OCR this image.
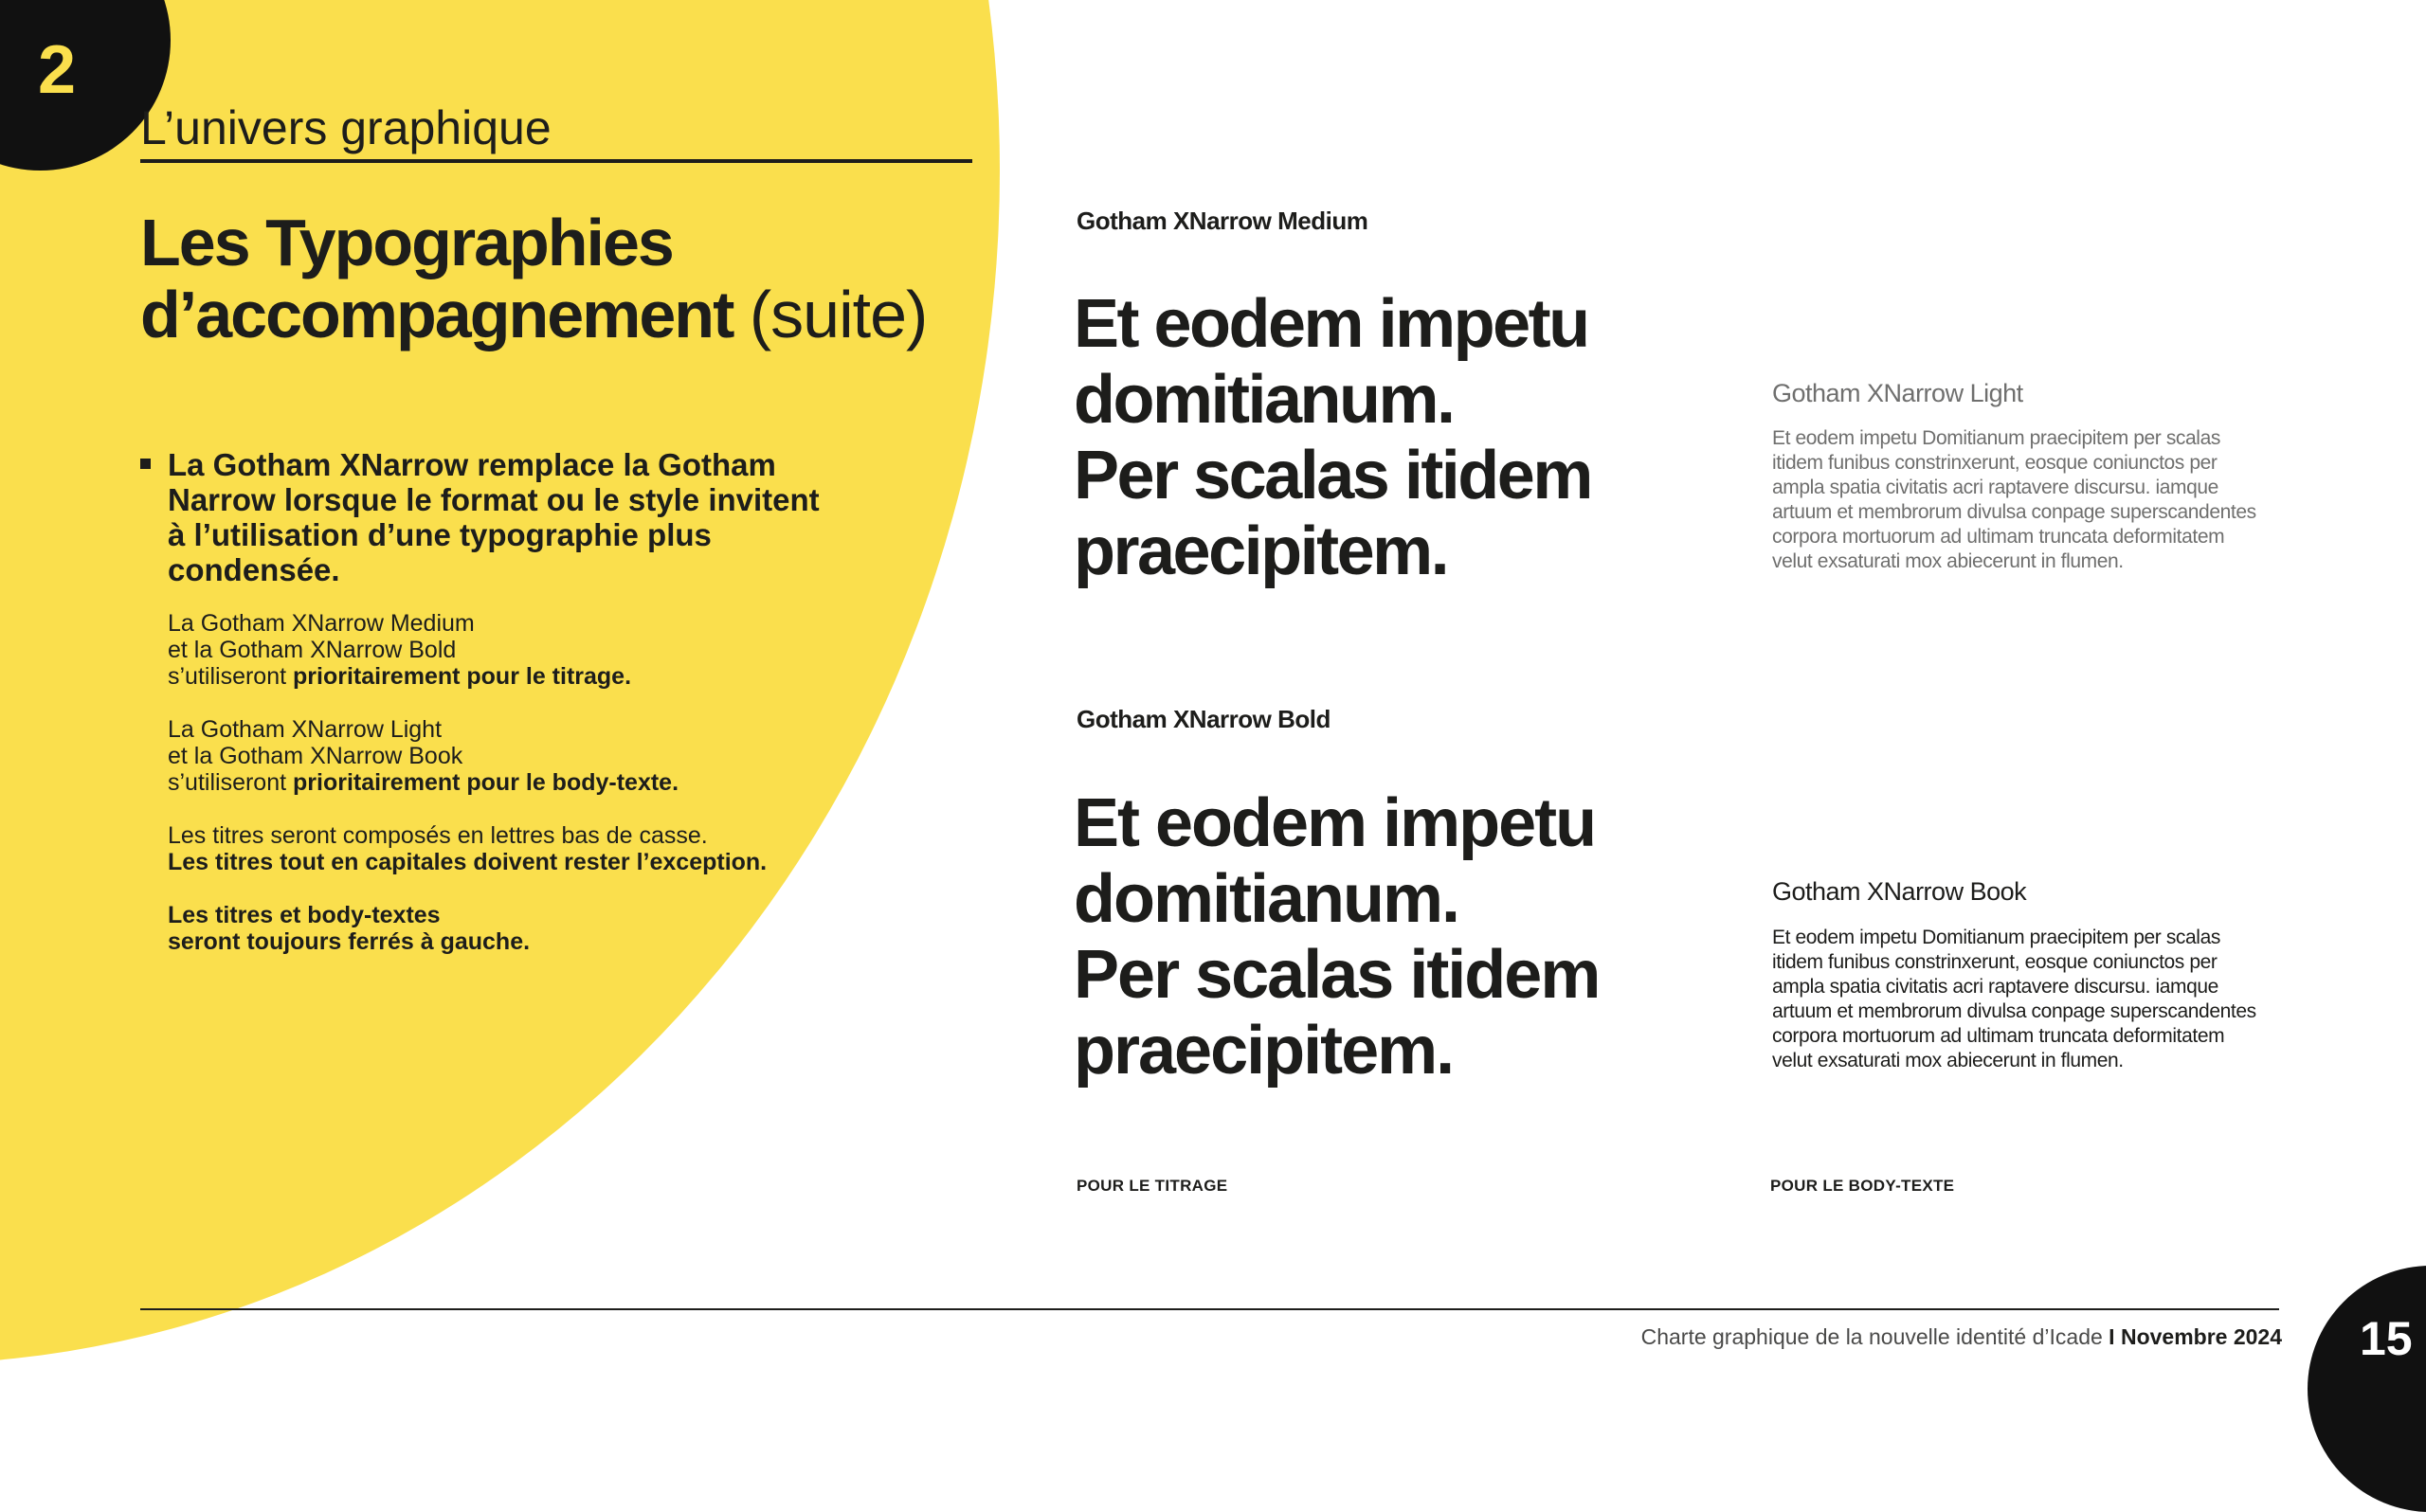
2
L’univers graphique
Les Typographies
d’accompagnement (suite)
La Gotham XNarrow remplace la Gotham Narrow lorsque le format ou le style invitent à l’utilisation d’une typographie plus condensée.

La Gotham XNarrow Medium
et la Gotham XNarrow Bold
s’utiliseront prioritairement pour le titrage.

La Gotham XNarrow Light
et la Gotham XNarrow Book
s’utiliseront prioritairement pour le body-texte.

Les titres seront composés en lettres bas de casse.
Les titres tout en capitales doivent rester l’exception.

Les titres et body-textes
seront toujours ferrés à gauche.

Gotham XNarrow Medium
Et eodem impetu
domitianum.
Per scalas itidem
praecipitem.
Gotham XNarrow Bold
Et eodem impetu
domitianum.
Per scalas itidem
praecipitem.
Gotham XNarrow Light
Et eodem impetu Domitianum praecipitem per scalas itidem funibus constrinxerunt, eosque coniunctos per ampla spatia civitatis acri raptavere discursu. iamque artuum et membrorum divulsa conpage superscandentes corpora mortuorum ad ultimam truncata deformitatem velut exsaturati mox abiecerunt in flumen.
Gotham XNarrow Book
Et eodem impetu Domitianum praecipitem per scalas itidem funibus constrinxerunt, eosque coniunctos per ampla spatia civitatis acri raptavere discursu. iamque artuum et membrorum divulsa conpage superscandentes corpora mortuorum ad ultimam truncata deformitatem velut exsaturati mox abiecerunt in flumen.
POUR LE TITRAGE	POUR LE BODY-TEXTE
Charte graphique de la nouvelle identité d’Icade I Novembre 2024 15
